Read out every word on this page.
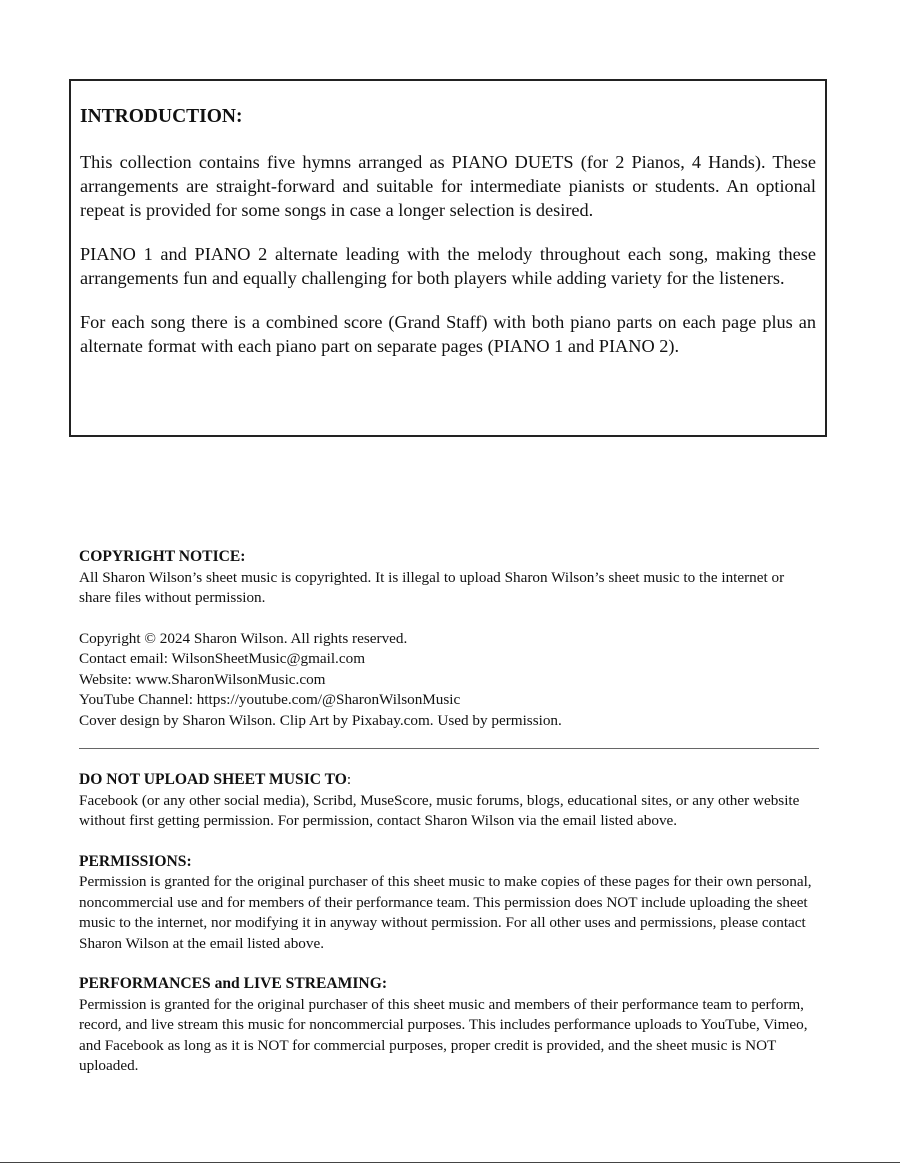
INTRODUCTION:

This collection contains five hymns arranged as PIANO DUETS (for 2 Pianos, 4 Hands). These arrangements are straight-forward and suitable for intermediate pianists or students. An optional repeat is provided for some songs in case a longer selection is desired.

PIANO 1 and PIANO 2 alternate leading with the melody throughout each song, making these arrangements fun and equally challenging for both players while adding variety for the listeners.

For each song there is a combined score (Grand Staff) with both piano parts on each page plus an alternate format with each piano part on separate pages (PIANO 1 and PIANO 2).

COPYRIGHT NOTICE:

All Sharon Wilson’s sheet music is copyrighted. It is illegal to upload Sharon Wilson’s sheet music to the internet or share files without permission.

Copyright © 2024 Sharon Wilson. All rights reserved.

Contact email: WilsonSheetMusic@gmail.com

Website: www.SharonWilsonMusic.com

YouTube Channel: https://youtube.com/@SharonWilsonMusic

Cover design by Sharon Wilson. Clip Art by Pixabay.com. Used by permission.

DO NOT UPLOAD SHEET MUSIC TO:

Facebook (or any other social media), Scribd, MuseScore, music forums, blogs, educational sites, or any other website without first getting permission. For permission, contact Sharon Wilson via the email listed above.

PERMISSIONS:

Permission is granted for the original purchaser of this sheet music to make copies of these pages for their own personal, noncommercial use and for members of their performance team. This permission does NOT include uploading the sheet music to the internet, nor modifying it in anyway without permission. For all other uses and permissions, please contact Sharon Wilson at the email listed above.

PERFORMANCES and LIVE STREAMING:

Permission is granted for the original purchaser of this sheet music and members of their performance team to perform, record, and live stream this music for noncommercial purposes. This includes performance uploads to YouTube, Vimeo, and Facebook as long as it is NOT for commercial purposes, proper credit is provided, and the sheet music is NOT uploaded.
